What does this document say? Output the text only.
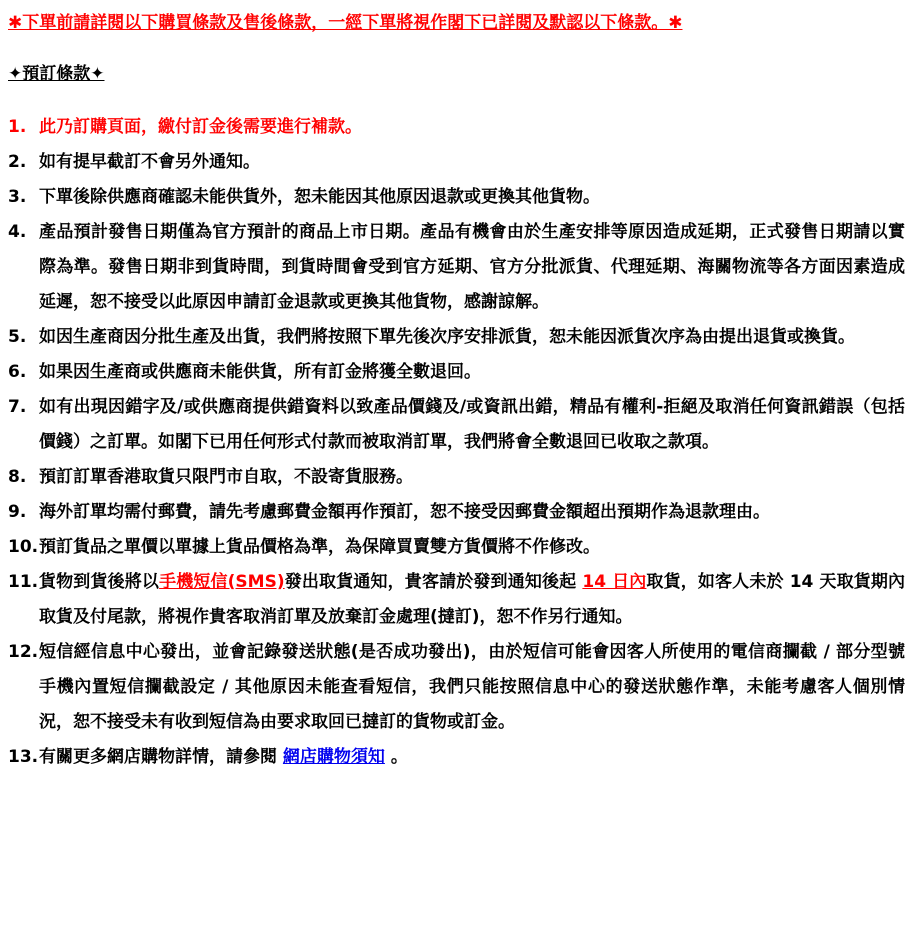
✱下單前請詳閱以下購買條款及售後條款，一經下單將視作閣下已詳閱及默認以下條款。✱
✦預訂條款✦
1. 此乃訂購頁面，繳付訂金後需要進行補款。
2. 如有提早截訂不會另外通知。
3. 下單後除供應商確認未能供貨外，恕未能因其他原因退款或更換其他貨物。
4. 產品預計發售日期僅為官方預計的商品上市日期。產品有機會由於生產安排等原因造成延期，正式發售日期請以實際為準。發售日期非到貨時間，到貨時間會受到官方延期、官方分批派貨、代理延期、海關物流等各方面因素造成延遲，恕不接受以此原因申請訂金退款或更換其他貨物，感謝諒解。
5. 如因生產商因分批生產及出貨，我們將按照下單先後次序安排派貨，恕未能因派貨次序為由提出退貨或換貨。
6. 如果因生產商或供應商未能供貨，所有訂金將獲全數退回。
7. 如有出現因錯字及/或供應商提供錯資料以致產品價錢及/或資訊出錯，精品有權利-拒絕及取消任何資訊錯誤（包括價錢）之訂單。如閣下已用任何形式付款而被取消訂單，我們將會全數退回已收取之款項。
8. 預訂訂單香港取貨只限門市自取，不設寄貨服務。
9. 海外訂單均需付郵費，請先考慮郵費金額再作預訂，恕不接受因郵費金額超出預期作為退款理由。
10. 預訂貨品之單價以單據上貨品價格為準，為保障買賣雙方貨價將不作修改。
11. 貨物到貨後將以手機短信(SMS)發出取貨通知，貴客請於發到通知後起 14 日內取貨，如客人未於 14 天取貨期內取貨及付尾款，將視作貴客取消訂單及放棄訂金處理(撻訂)，恕不作另行通知。
12. 短信經信息中心發出，並會記錄發送狀態(是否成功發出)，由於短信可能會因客人所使用的電信商攔截 / 部分型號手機內置短信攔截設定 / 其他原因未能查看短信，我們只能按照信息中心的發送狀態作準，未能考慮客人個別情況，恕不接受未有收到短信為由要求取回已撻訂的貨物或訂金。
13. 有關更多網店購物詳情，請參閱 網店購物須知 。
